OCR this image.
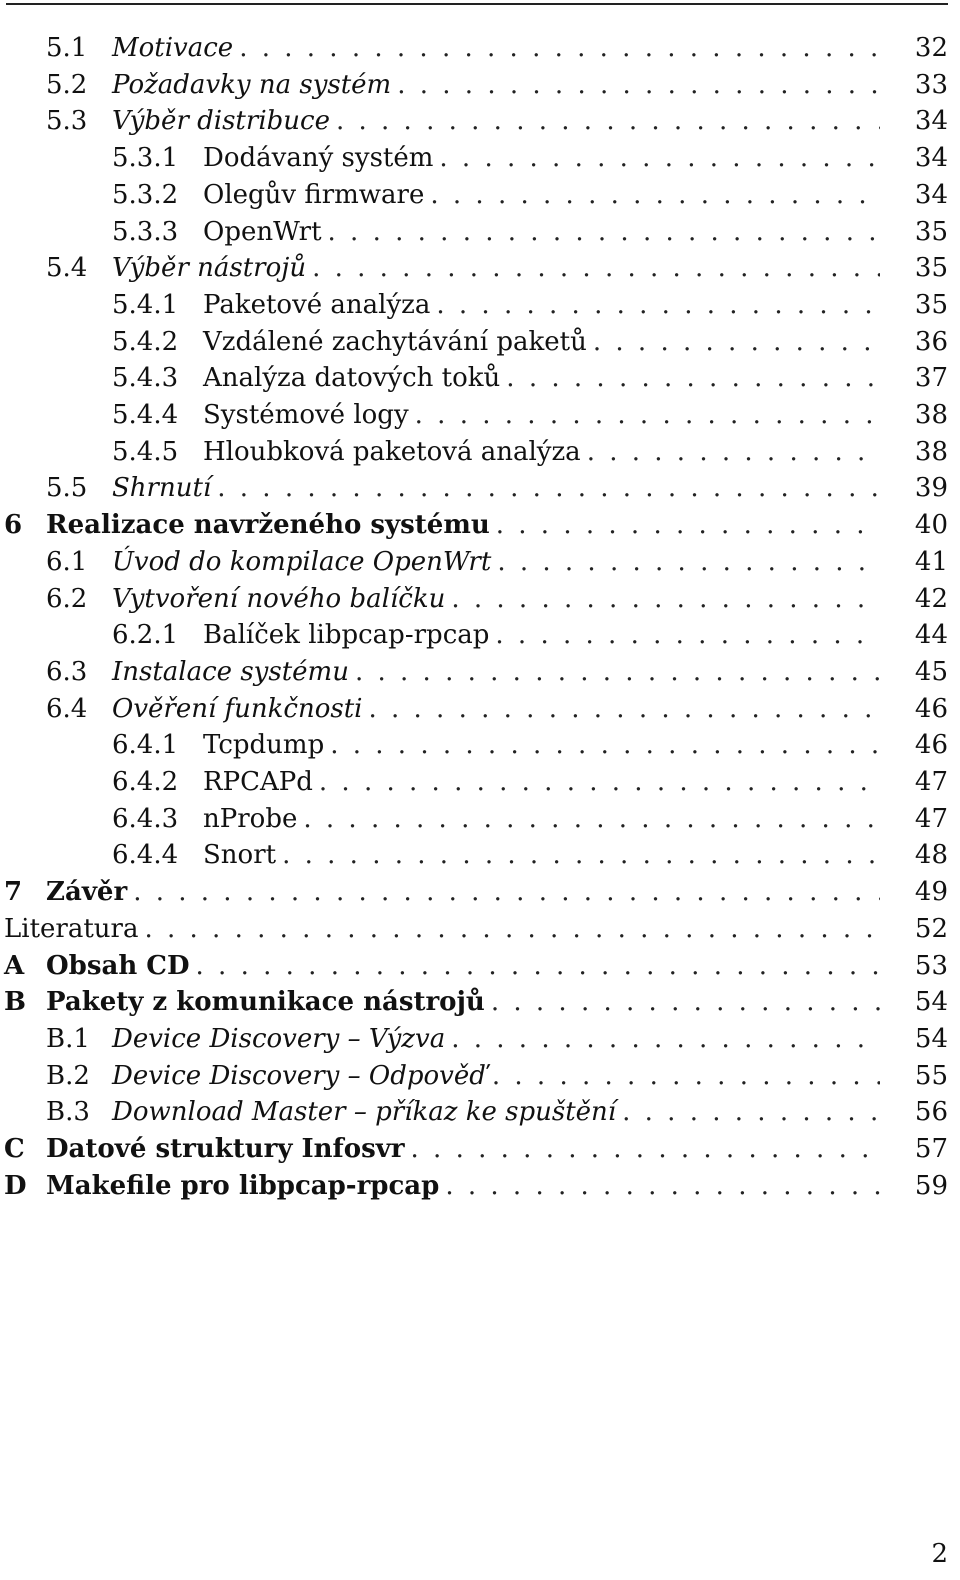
5.1 Motivace . . .	32
5.2 Požadavky na systém . . .	33
5.3 Výběr distribuce . . .	34
5.3.1 Dodávaný systém . . .	34
5.3.2 Olegův firmware . . .	34
5.3.3 OpenWrt . . .	35
5.4 Výběr nástrojů . . .	35
5.4.1 Paketové analýza . . .	35
5.4.2 Vzdálené zachytávání paketů . . .	36
5.4.3 Analýza datových toků . . .	37
5.4.4 Systémové logy . . .	38
5.4.5 Hloubková paketová analýza . . .	38
5.5 Shrnutí . . .	39
6 Realizace navrženého systému . . .	40
6.1 Úvod do kompilace OpenWrt . . .	41
6.2 Vytvoření nového balíčku . . .	42
6.2.1 Balíček libpcap-rpcap . . .	44
6.3 Instalace systému . . .	45
6.4 Ověření funkčnosti . . .	46
6.4.1 Tcpdump . . .	46
6.4.2 RPCAPd . . .	47
6.4.3 nProbe . . .	47
6.4.4 Snort . . .	48
7 Závěr . . .	49
Literatura . . .	52
A Obsah CD . . .	53
B Pakety z komunikace nástrojů . . .	54
B.1 Device Discovery – Výzva . . .	54
B.2 Device Discovery – Odpověď . . .	55
B.3 Download Master – příkaz ke spuštění . . .	56
C Datové struktury Infosvr . . .	57
D Makefile pro libpcap-rpcap . . .	59
2
